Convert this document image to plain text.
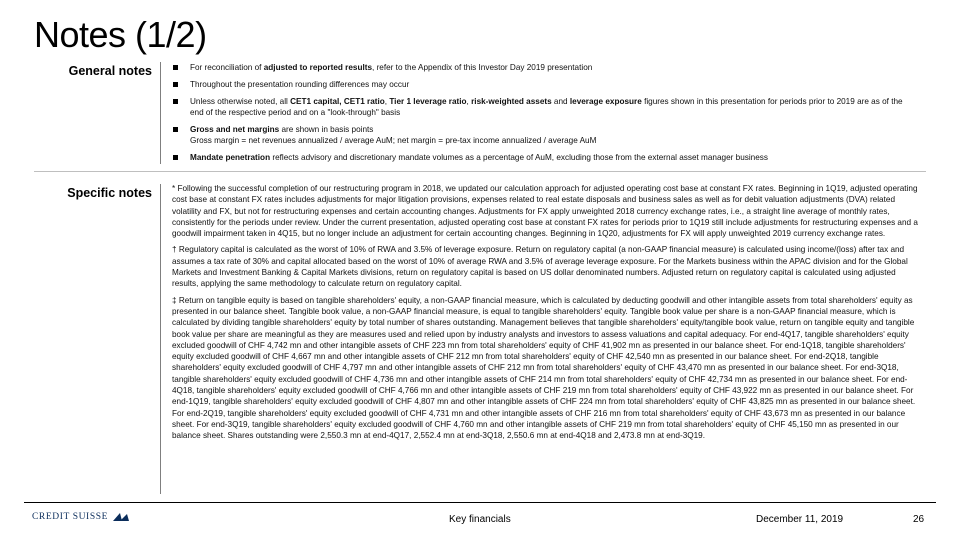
Notes (1/2)
General notes	For reconciliation of adjusted to reported results, refer to the Appendix of this Investor Day 2019 presentation
Throughout the presentation rounding differences may occur
Unless otherwise noted, all CET1 capital, CET1 ratio, Tier 1 leverage ratio, risk-weighted assets and leverage exposure figures shown in this presentation for periods prior to 2019 are as of the end of the respective period and on a "look-through" basis
Gross and net margins are shown in basis points
Gross margin = net revenues annualized / average AuM; net margin = pre-tax income annualized / average AuM
Mandate penetration reflects advisory and discretionary mandate volumes as a percentage of AuM, excluding those from the external asset manager business
Specific notes * Following the successful completion of our restructuring program in 2018, we updated our calculation approach for adjusted operating cost base at constant FX rates. Beginning in 1Q19, adjusted operating cost base at constant FX rates includes adjustments for major litigation provisions, expenses related to real estate disposals and business sales as well as for debit valuation adjustments (DVA) related volatility and FX, but not for restructuring expenses and certain accounting changes. Adjustments for FX apply unweighted 2018 currency exchange rates, i.e., a straight line average of monthly rates, consistently for the periods under review. Under the current presentation, adjusted operating cost base at constant FX rates for periods prior to 1Q19 still include adjustments for restructuring expenses and a goodwill impairment taken in 4Q15, but no longer include an adjustment for certain accounting changes. Beginning in 1Q20, adjustments for FX will apply unweighted 2019 currency exchange rates.

† Regulatory capital is calculated as the worst of 10% of RWA and 3.5% of leverage exposure. Return on regulatory capital (a non-GAAP financial measure) is calculated using income/(loss) after tax and assumes a tax rate of 30% and capital allocated based on the worst of 10% of average RWA and 3.5% of average leverage exposure. For the Markets business within the APAC division and for the Global Markets and Investment Banking & Capital Markets divisions, return on regulatory capital is based on US dollar denominated numbers. Adjusted return on regulatory capital is calculated using adjusted results, applying the same methodology to calculate return on regulatory capital.

‡ Return on tangible equity is based on tangible shareholders' equity, a non-GAAP financial measure, which is calculated by deducting goodwill and other intangible assets from total shareholders' equity as presented in our balance sheet. Tangible book value, a non-GAAP financial measure, is equal to tangible shareholders' equity. Tangible book value per share is a non-GAAP financial measure, which is calculated by dividing tangible shareholders' equity by total number of shares outstanding. Management believes that tangible shareholders' equity/tangible book value, return on tangible equity and tangible book value per share are meaningful as they are measures used and relied upon by industry analysts and investors to assess valuations and capital adequacy. For end-4Q17, tangible shareholders' equity excluded goodwill of CHF 4,742 mn and other intangible assets of CHF 223 mn from total shareholders' equity of CHF 41,902 mn as presented in our balance sheet. For end-1Q18, tangible shareholders' equity excluded goodwill of CHF 4,667 mn and other intangible assets of CHF 212 mn from total shareholders' equity of CHF 42,540 mn as presented in our balance sheet. For end-2Q18, tangible shareholders' equity excluded goodwill of CHF 4,797 mn and other intangible assets of CHF 212 mn from total shareholders' equity of CHF 43,470 mn as presented in our balance sheet. For end-3Q18, tangible shareholders' equity excluded goodwill of CHF 4,736 mn and other intangible assets of CHF 214 mn from total shareholders' equity of CHF 42,734 mn as presented in our balance sheet. For end-4Q18, tangible shareholders' equity excluded goodwill of CHF 4,766 mn and other intangible assets of CHF 219 mn from total shareholders' equity of CHF 43,922 mn as presented in our balance sheet. For end-1Q19, tangible shareholders' equity excluded goodwill of CHF 4,807 mn and other intangible assets of CHF 224 mn from total shareholders' equity of CHF 43,825 mn as presented in our balance sheet. For end-2Q19, tangible shareholders' equity excluded goodwill of CHF 4,731 mn and other intangible assets of CHF 216 mn from total shareholders' equity of CHF 43,673 mn as presented in our balance sheet. For end-3Q19, tangible shareholders' equity excluded goodwill of CHF 4,760 mn and other intangible assets of CHF 219 mn from total shareholders' equity of CHF 45,150 mn as presented in our balance sheet. Shares outstanding were 2,550.3 mn at end-4Q17, 2,552.4 mn at end-3Q18, 2,550.6 mn at end-4Q18 and 2,473.8 mn at end-3Q19.

CREDIT SUISSE	Key financials	December 11, 2019	26
